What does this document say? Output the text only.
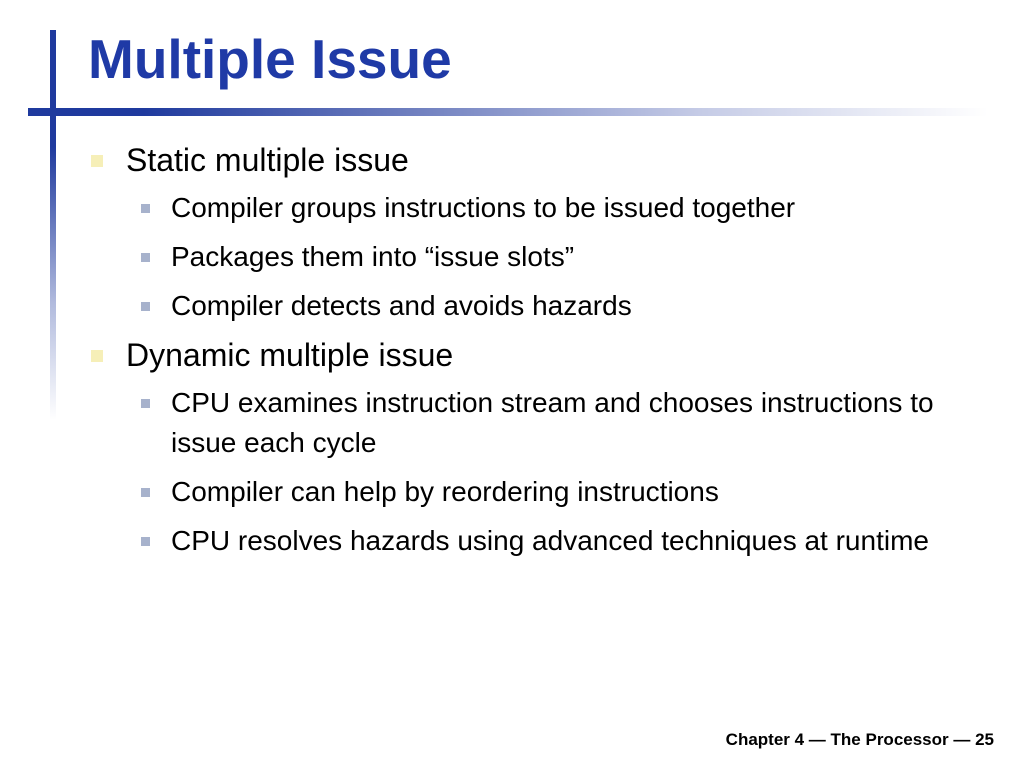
Multiple Issue
Static multiple issue
Compiler groups instructions to be issued together
Packages them into “issue slots”
Compiler detects and avoids hazards
Dynamic multiple issue
CPU examines instruction stream and chooses instructions to issue each cycle
Compiler can help by reordering instructions
CPU resolves hazards using advanced techniques at runtime
Chapter 4 — The Processor — 25
